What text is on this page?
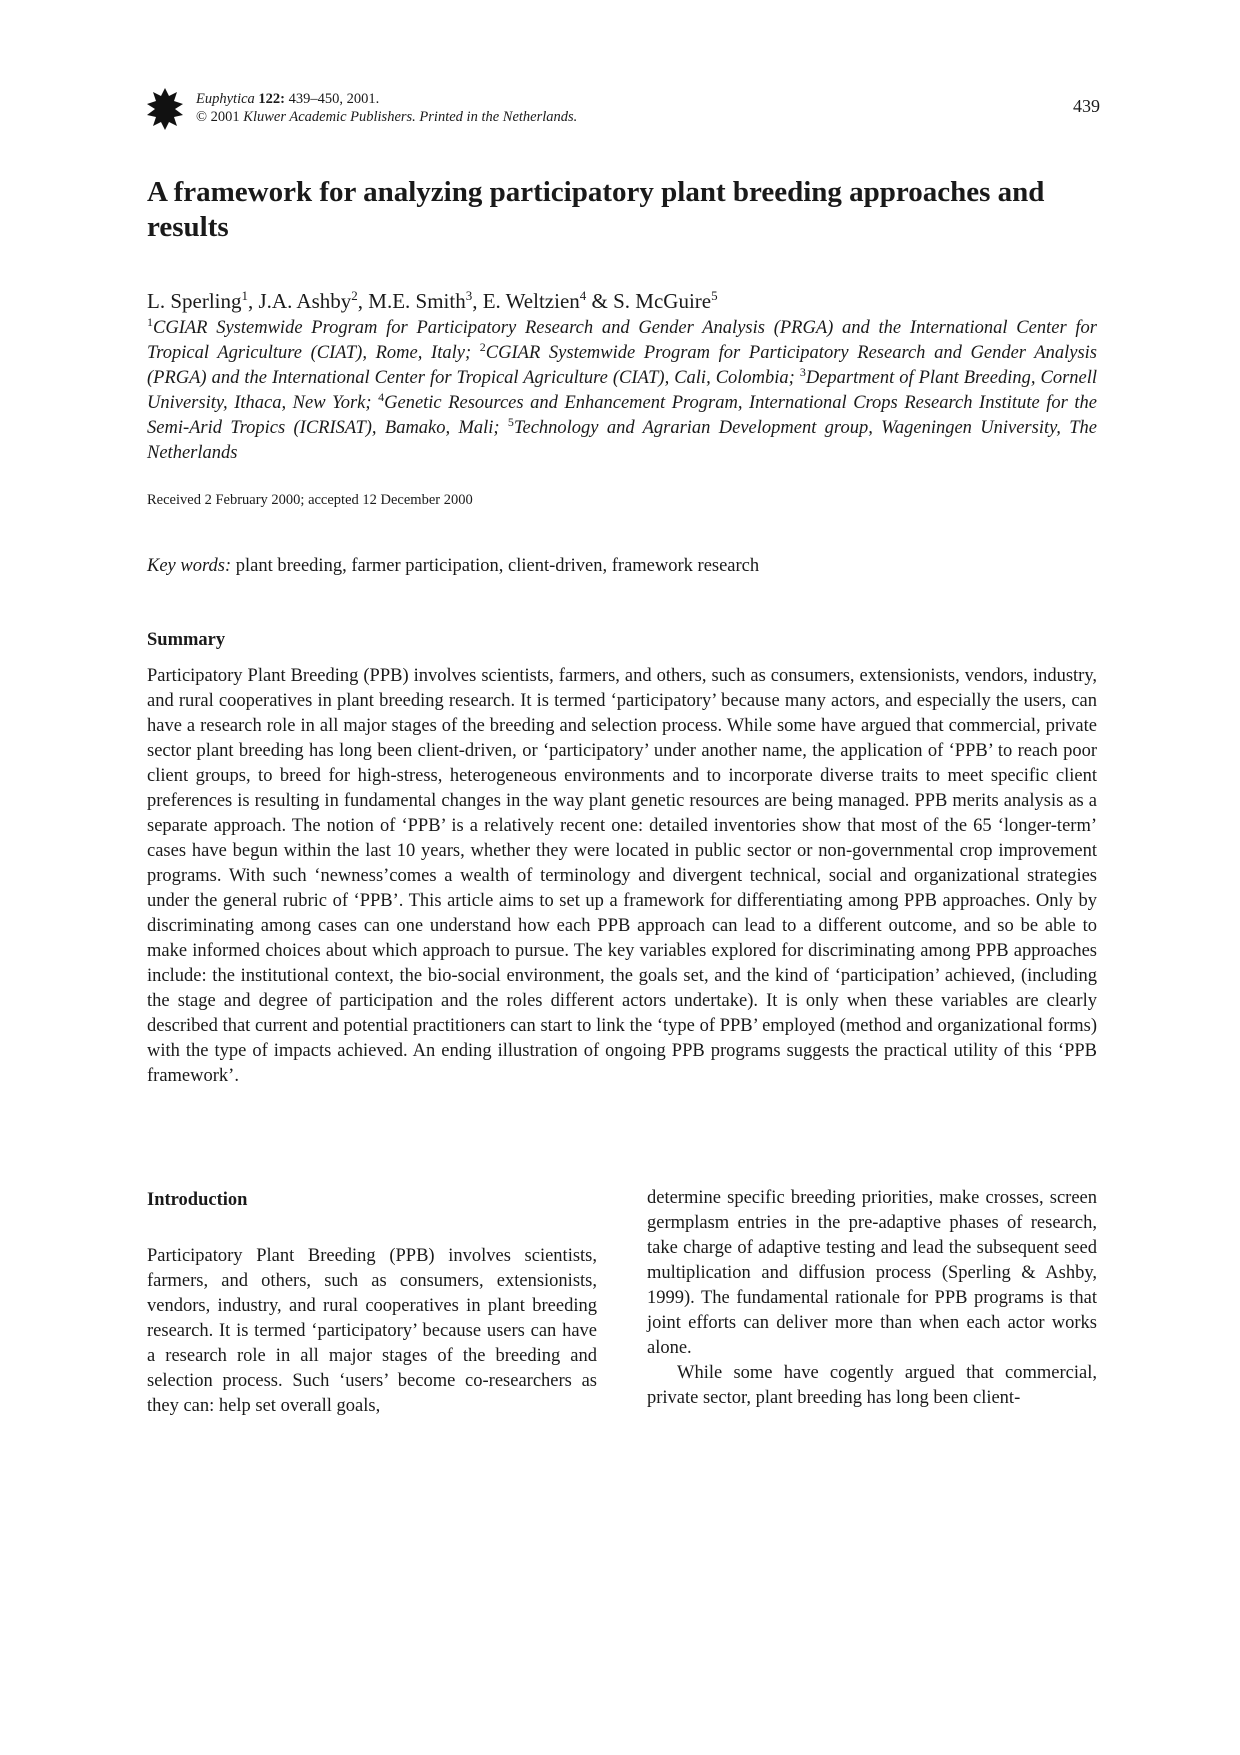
Euphytica 122: 439–450, 2001.
© 2001 Kluwer Academic Publishers. Printed in the Netherlands.
439
A framework for analyzing participatory plant breeding approaches and results
L. Sperling$^1$, J.A. Ashby$^2$, M.E. Smith$^3$, E. Weltzien$^4$ & S. McGuire$^5$
$^1$CGIAR Systemwide Program for Participatory Research and Gender Analysis (PRGA) and the International Center for Tropical Agriculture (CIAT), Rome, Italy; $^2$CGIAR Systemwide Program for Participatory Research and Gender Analysis (PRGA) and the International Center for Tropical Agriculture (CIAT), Cali, Colombia; $^3$Department of Plant Breeding, Cornell University, Ithaca, New York; $^4$Genetic Resources and Enhancement Program, International Crops Research Institute for the Semi-Arid Tropics (ICRISAT), Bamako, Mali; $^5$Technology and Agrarian Development group, Wageningen University, The Netherlands
Received 2 February 2000; accepted 12 December 2000
Key words: plant breeding, farmer participation, client-driven, framework research
Summary

Participatory Plant Breeding (PPB) involves scientists, farmers, and others, such as consumers, extensionists, vendors, industry, and rural cooperatives in plant breeding research. It is termed ‘participatory’ because many actors, and especially the users, can have a research role in all major stages of the breeding and selection process. While some have argued that commercial, private sector plant breeding has long been client-driven, or ‘participatory’ under another name, the application of ‘PPB’ to reach poor client groups, to breed for high-stress, heterogeneous environments and to incorporate diverse traits to meet specific client preferences is resulting in fundamental changes in the way plant genetic resources are being managed. PPB merits analysis as a separate approach. The notion of ‘PPB’ is a relatively recent one: detailed inventories show that most of the 65 ‘longer-term’ cases have begun within the last 10 years, whether they were located in public sector or non-governmental crop improvement programs. With such ‘newness’comes a wealth of terminology and divergent technical, social and organizational strategies under the general rubric of ‘PPB’. This article aims to set up a framework for differentiating among PPB approaches. Only by discriminating among cases can one understand how each PPB approach can lead to a different outcome, and so be able to make informed choices about which approach to pursue. The key variables explored for discriminating among PPB approaches include: the institutional context, the bio-social environment, the goals set, and the kind of ‘participation’ achieved, (including the stage and degree of participation and the roles different actors undertake). It is only when these variables are clearly described that current and potential practitioners can start to link the ‘type of PPB’ employed (method and organizational forms) with the type of impacts achieved. An ending illustration of ongoing PPB programs suggests the practical utility of this ‘PPB framework’.

Introduction

Participatory Plant Breeding (PPB) involves scientists, farmers, and others, such as consumers, extensionists, vendors, industry, and rural cooperatives in plant breeding research. It is termed ‘participatory’ because users can have a research role in all major stages of the breeding and selection process. Such ‘users’ become co-researchers as they can: help set overall goals,

determine specific breeding priorities, make crosses, screen germplasm entries in the pre-adaptive phases of research, take charge of adaptive testing and lead the subsequent seed multiplication and diffusion process (Sperling & Ashby, 1999). The fundamental rationale for PPB programs is that joint efforts can deliver more than when each actor works alone.

While some have cogently argued that commercial, private sector, plant breeding has long been client-
